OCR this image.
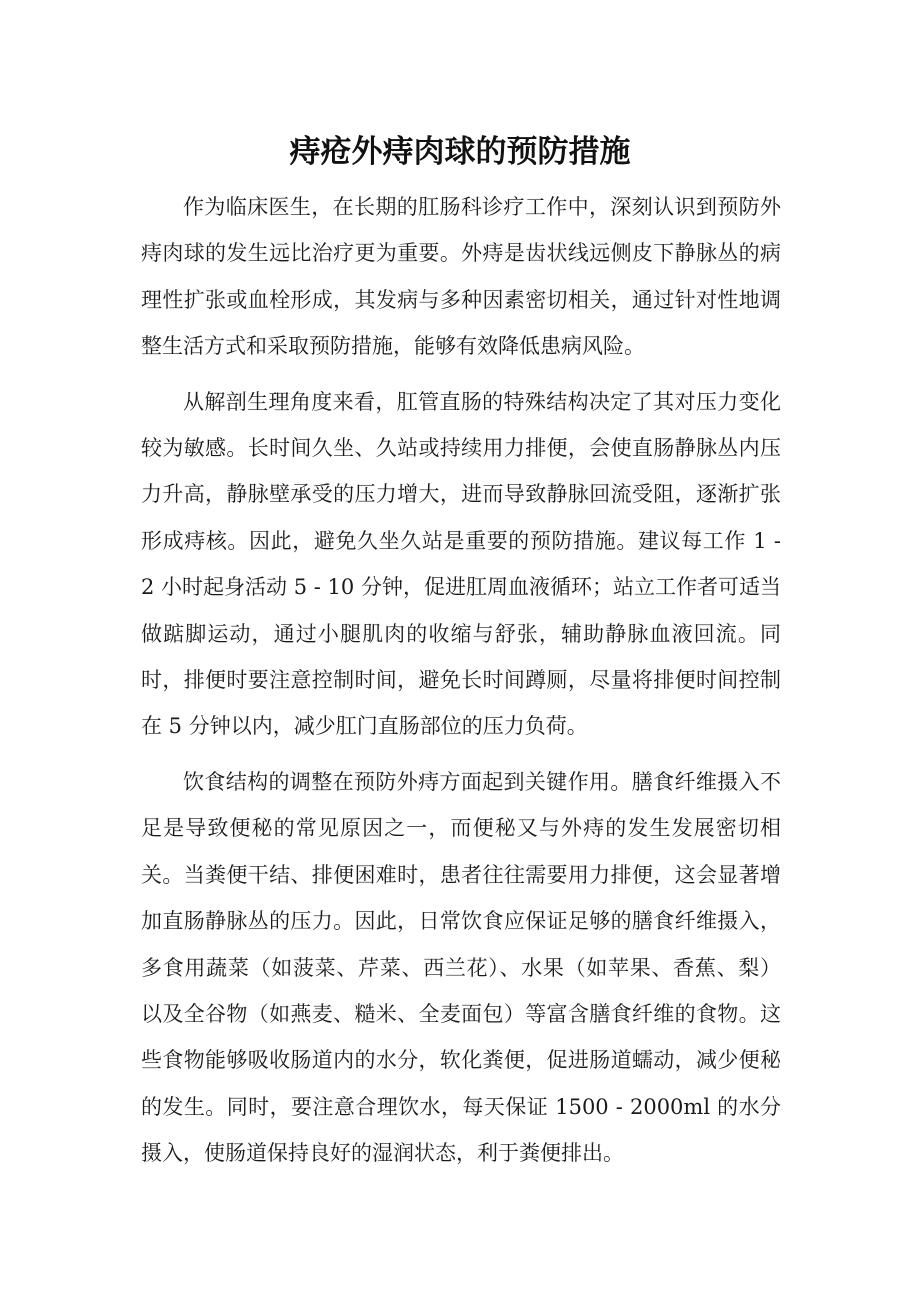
痔疮外痔肉球的预防措施

作为临床医生，在长期的肛肠科诊疗工作中，深刻认识到预防外痔肉球的发生远比治疗更为重要。外痔是齿状线远侧皮下静脉丛的病理性扩张或血栓形成，其发病与多种因素密切相关，通过针对性地调整生活方式和采取预防措施，能够有效降低患病风险。

从解剖生理角度来看，肛管直肠的特殊结构决定了其对压力变化较为敏感。长时间久坐、久站或持续用力排便，会使直肠静脉丛内压力升高，静脉壁承受的压力增大，进而导致静脉回流受阻，逐渐扩张形成痔核。因此，避免久坐久站是重要的预防措施。建议每工作 1 - 2 小时起身活动 5 - 10 分钟，促进肛周血液循环；站立工作者可适当做踮脚运动，通过小腿肌肉的收缩与舒张，辅助静脉血液回流。同时，排便时要注意控制时间，避免长时间蹲厕，尽量将排便时间控制在 5 分钟以内，减少肛门直肠部位的压力负荷。

饮食结构的调整在预防外痔方面起到关键作用。膳食纤维摄入不足是导致便秘的常见原因之一，而便秘又与外痔的发生发展密切相关。当粪便干结、排便困难时，患者往往需要用力排便，这会显著增加直肠静脉丛的压力。因此，日常饮食应保证足够的膳食纤维摄入，多食用蔬菜（如菠菜、芹菜、西兰花）、水果（如苹果、香蕉、梨）以及全谷物（如燕麦、糙米、全麦面包）等富含膳食纤维的食物。这些食物能够吸收肠道内的水分，软化粪便，促进肠道蠕动，减少便秘的发生。同时，要注意合理饮水，每天保证 1500 - 2000ml 的水分摄入，使肠道保持良好的湿润状态，利于粪便排出。
